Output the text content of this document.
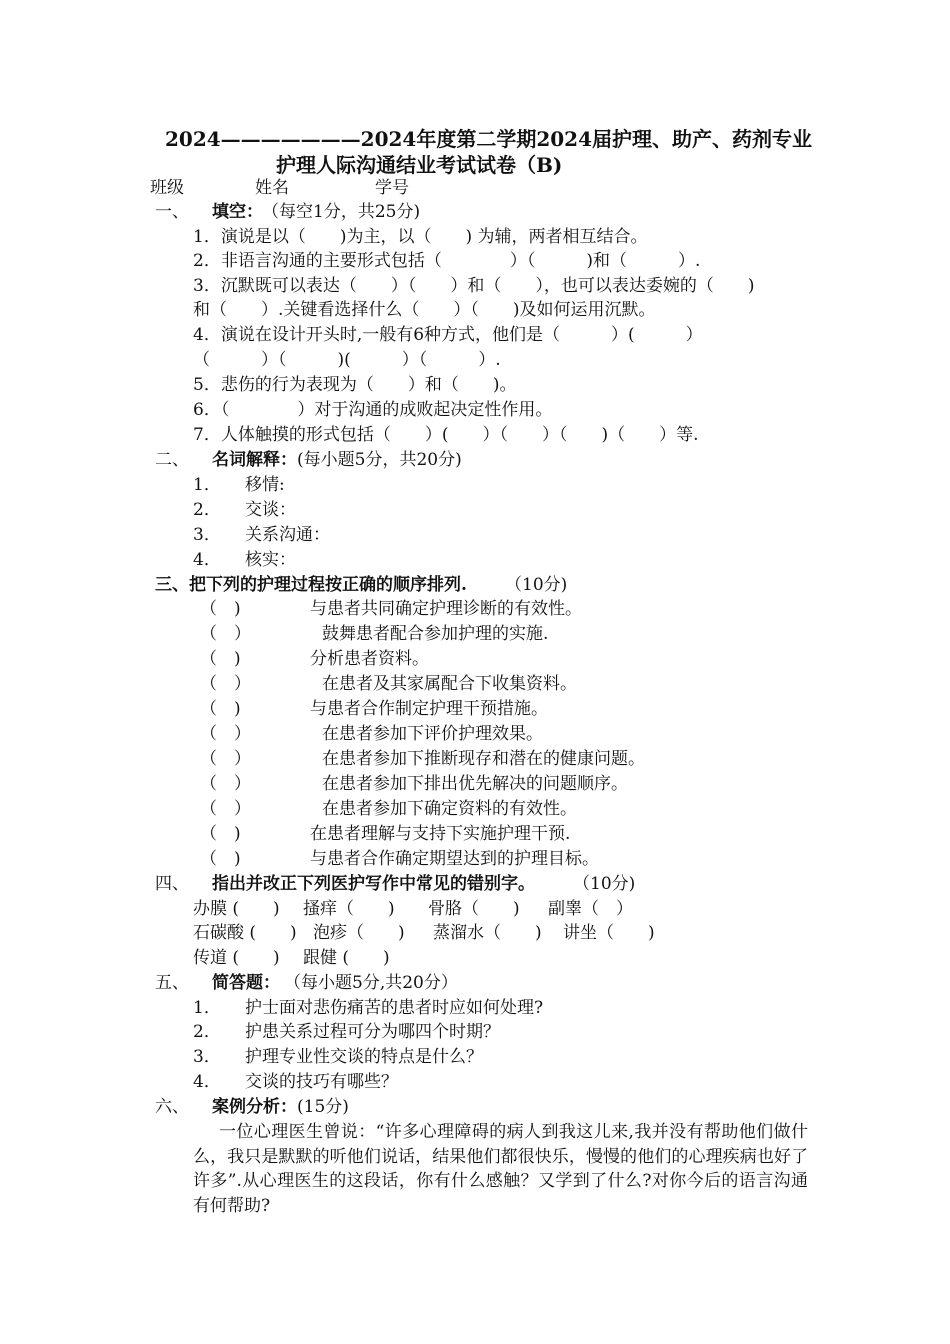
2024———————2024年度第二学期2024届护理、助产、药剂专业
护理人际沟通结业考试试卷（B)
班级	姓名	学号
一、 填空： （每空1分，共25分)
1．演说是以（　　)为主，以（　　) 为辅，两者相互结合。
2．非语言沟通的主要形式包括（　　　　）（　　　)和（　　　）.
3．沉默既可以表达（　　）（　　）和（　　），也可以表达委婉的（　　)
和（　　）.关键看选择什么（　　）（　　)及如何运用沉默。
4．演说在设计开头时,一般有6种方式，他们是（　　　）(　　　）
（　　　）（　　　)(　　　）（　　　）.
5．悲伤的行为表现为（　　）和（　　)。
6．（　　　　）对于沟通的成败起决定性作用。
7．人体触摸的形式包括（　　）(　　）（　　）（　　)（　　）等.
二、 名词解释： (每小题5分，共20分)
1． 移情:
2． 交谈：
3． 关系沟通：
4． 核实：
三、把下列的护理过程按正确的顺序排列. （10分)
（　)	与患者共同确定护理诊断的有效性。
（　）	鼓舞患者配合参加护理的实施.
（　)	分析患者资料。
（　）	在患者及其家属配合下收集资料。
（　)	与患者合作制定护理干预措施。
（　）	在患者参加下评价护理效果。
（　）	在患者参加下推断现存和潜在的健康问题。
（　）	在患者参加下排出优先解决的问题顺序。
（　）	在患者参加下确定资料的有效性。
（　)	在患者理解与支持下实施护理干预.
（　)	与患者合作确定期望达到的护理目标。
四、 指出并改正下列医护写作中常见的错别字。 （10分)
办膜 (　　) 搔痒（　　) 骨胳（　　) 副睾（　）
石碳酸 (　　) 泡疹（　　) 蒸溜水（　　) 讲坐（　　)
传道 (　　) 跟健 (　　)
五、 简答题： （每小题5分,共20分）
1． 护士面对悲伤痛苦的患者时应如何处理?
2． 护患关系过程可分为哪四个时期？
3． 护理专业性交谈的特点是什么？
4． 交谈的技巧有哪些？
六、 案例分析： (15分)
一位心理医生曾说：“许多心理障碍的病人到我这儿来,我并没有帮助他们做什么，我只是默默的听他们说话，结果他们都很快乐，慢慢的他们的心理疾病也好了许多”.从心理医生的这段话，你有什么感触？又学到了什么?对你今后的语言沟通有何帮助?
